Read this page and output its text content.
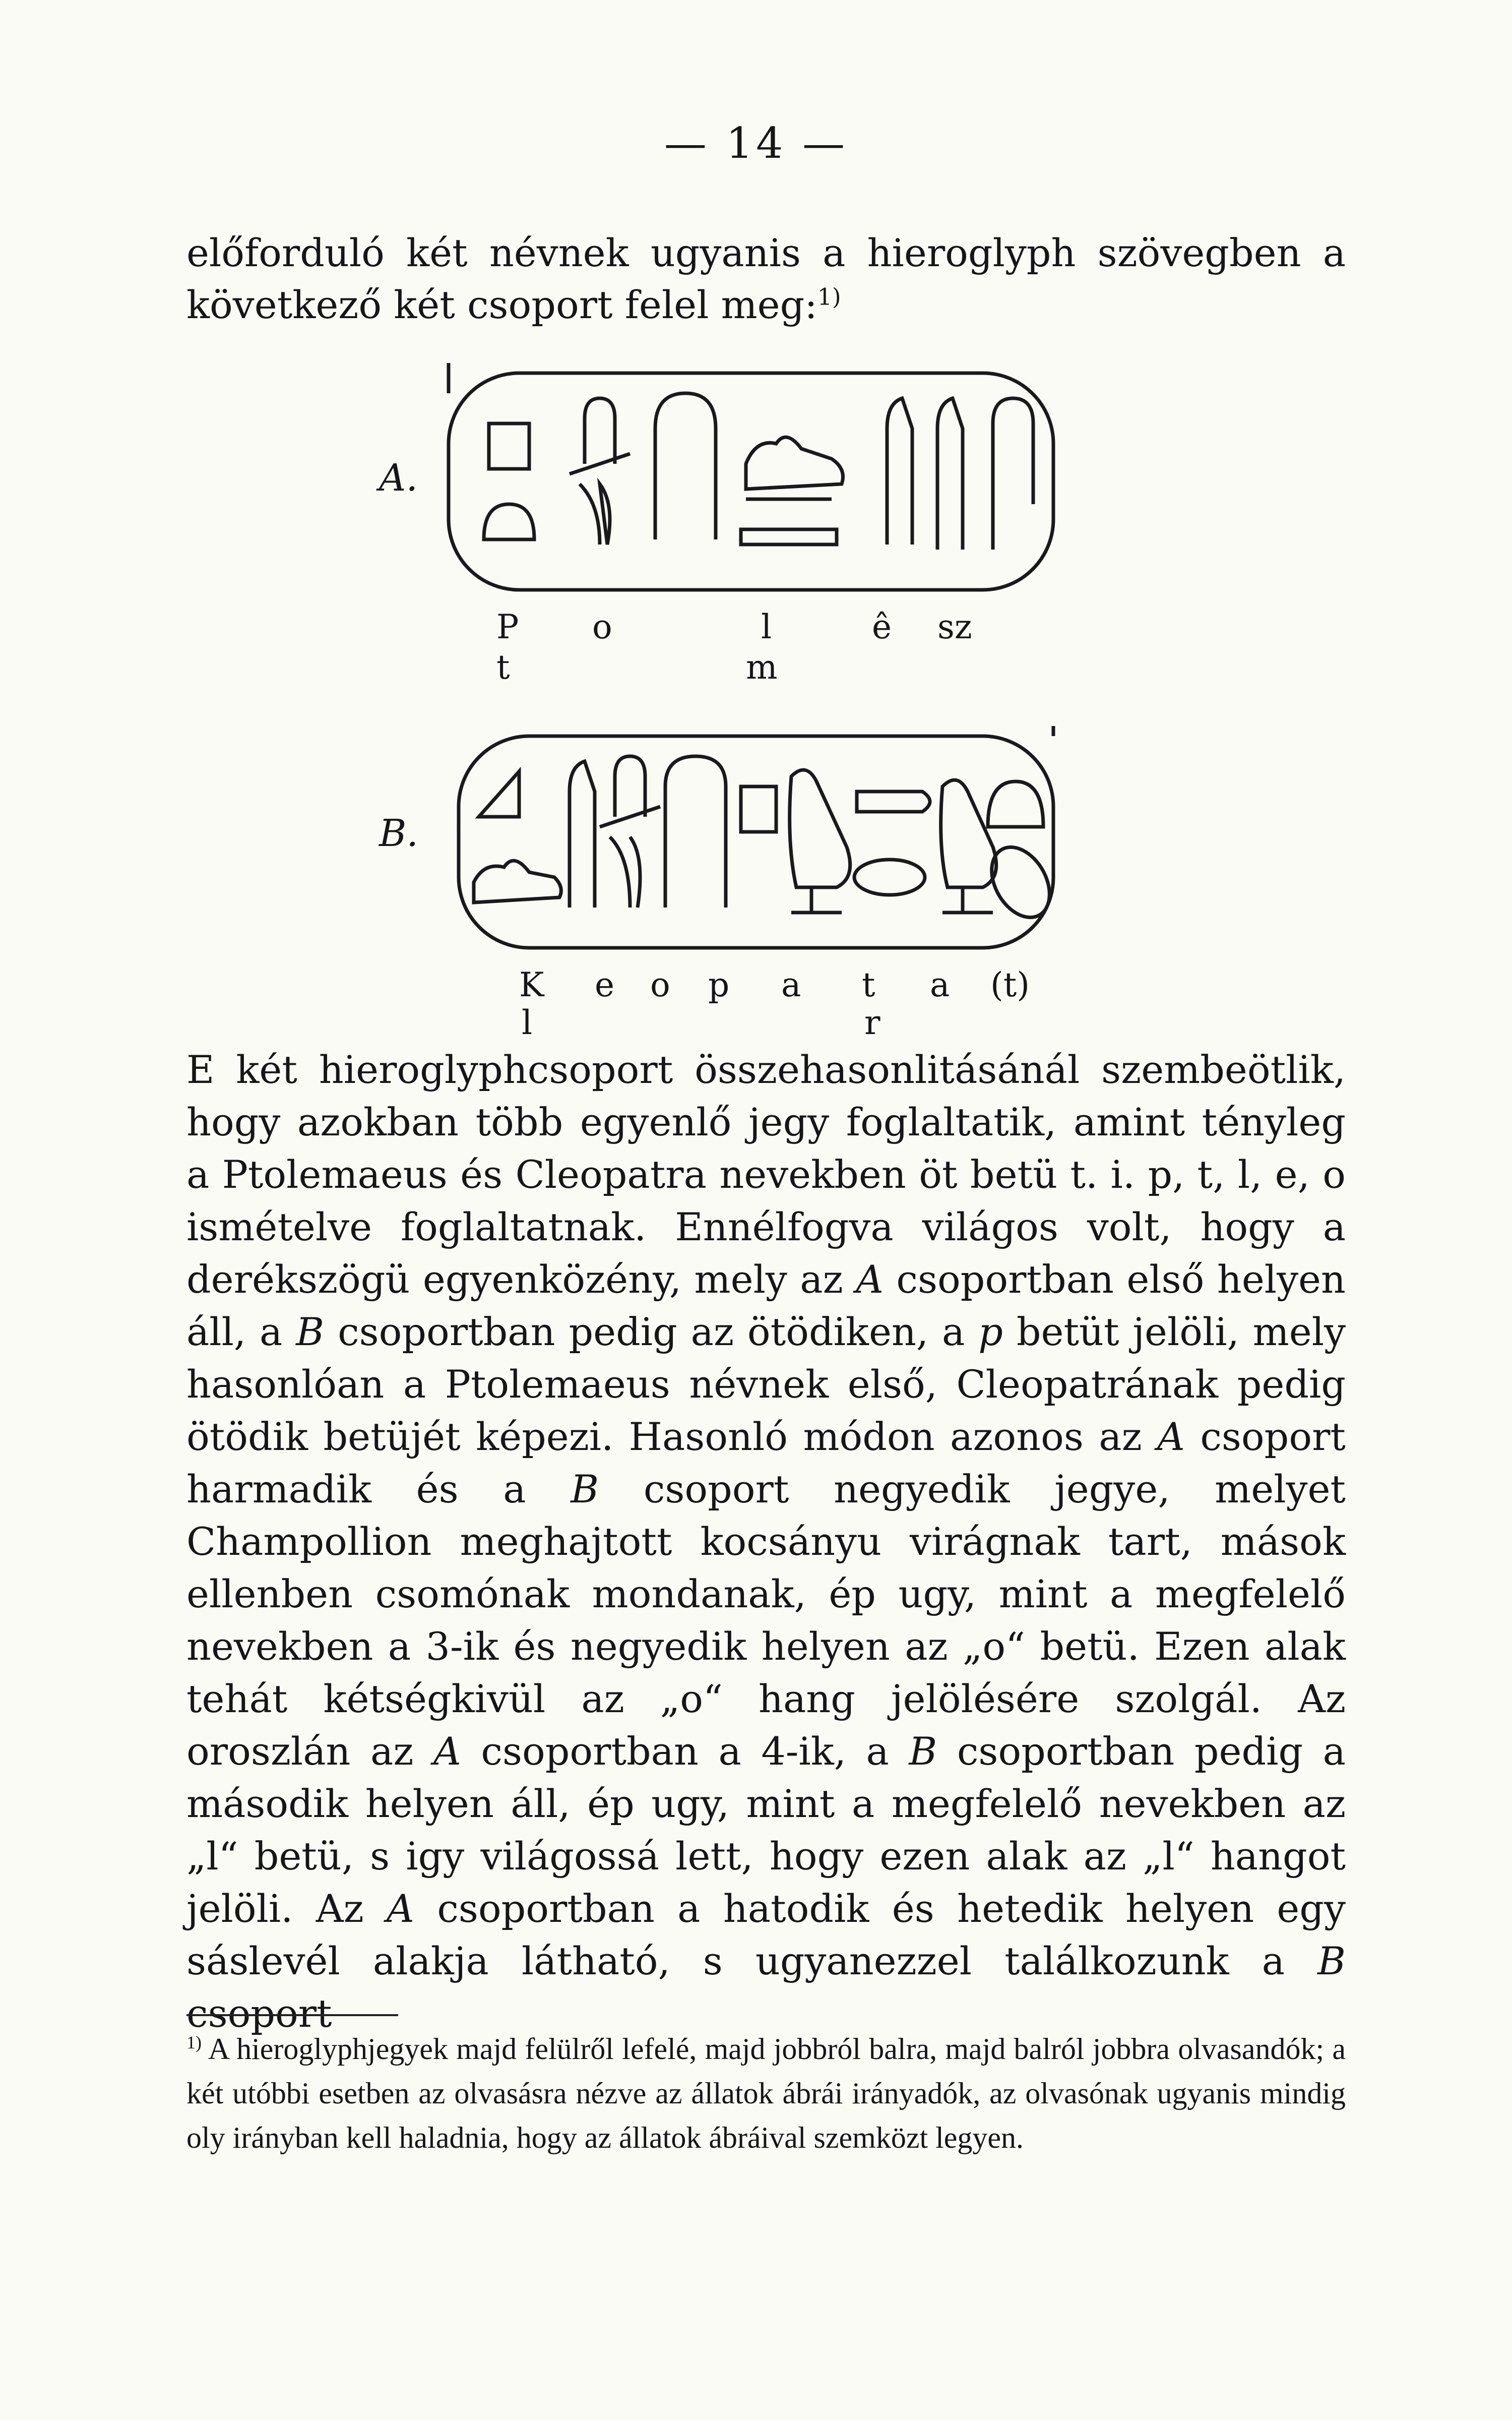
— 14 —

előforduló két névnek ugyanis a hieroglyph szövegben a következő két csoport felel meg:$^{1)}$

A.
P o	l	ê sz
t	m
B.
K e o p a t a (t)
l	r

E két hieroglyphcsoport összehasonlitásánál szembeötlik, hogy azokban több egyenlő jegy foglaltatik, amint tényleg a Ptolemaeus és Cleopatra nevekben öt betü t. i. p, t, l, e, o ismételve foglaltatnak. Ennélfogva világos volt, hogy a derékszögü egyenközény, mely az A csoportban első helyen áll, a B csoportban pedig az ötödiken, a p betüt jelöli, mely hasonlóan a Ptolemaeus névnek első, Cleopatrának pedig ötödik betüjét képezi. Hasonló módon azonos az A csoport harmadik és a B csoport negyedik jegye, melyet Champollion meghajtott kocsányu virágnak tart, mások ellenben csomónak mondanak, ép ugy, mint a megfelelő nevekben a 3-ik és negyedik helyen az „o“ betü. Ezen alak tehát kétségkivül az „o“ hang jelölésére szolgál. Az oroszlán az A csoportban a 4-ik, a B csoportban pedig a második helyen áll, ép ugy, mint a megfelelő nevekben az „l“ betü, s igy világossá lett, hogy ezen alak az „l“ hangot jelöli. Az A csoportban a hatodik és hetedik helyen egy sáslevél alakja látható, s ugyanezzel találkozunk a B csoport

$^{1)}$ A hieroglyphjegyek majd felülről lefelé, majd jobbról balra, majd balról jobbra olvasandók; a két utóbbi esetben az olvasásra nézve az állatok ábrái irányadók, az olvasónak ugyanis mindig oly irányban kell haladnia, hogy az állatok ábráival szemközt legyen.
